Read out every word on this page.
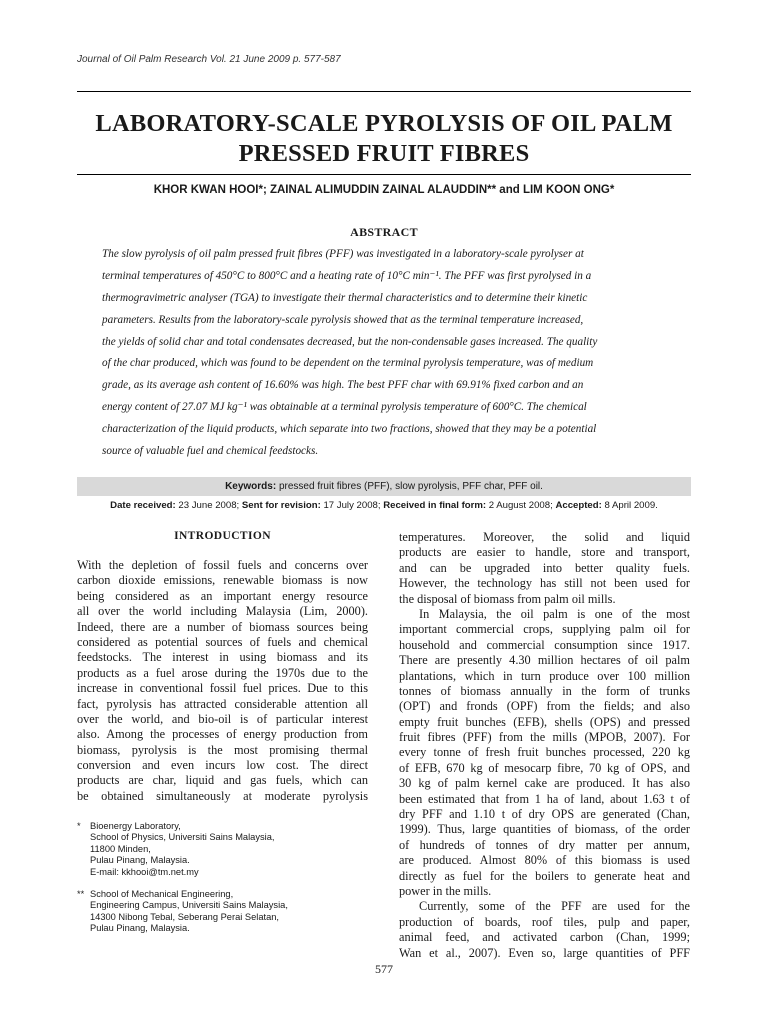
Journal of Oil Palm Research Vol. 21 June 2009 p. 577-587
LABORATORY-SCALE PYROLYSIS OF OIL PALM
PRESSED FRUIT FIBRES
KHOR KWAN HOOI*; ZAINAL ALIMUDDIN ZAINAL ALAUDDIN** and LIM KOON ONG*
ABSTRACT
The slow pyrolysis of oil palm pressed fruit fibres (PFF) was investigated in a laboratory-scale pyrolyser at
terminal temperatures of 450°C to 800°C and a heating rate of 10°C min⁻¹. The PFF was first pyrolysed in a
thermogravimetric analyser (TGA) to investigate their thermal characteristics and to determine their kinetic
parameters. Results from the laboratory-scale pyrolysis showed that as the terminal temperature increased,
the yields of solid char and total condensates decreased, but the non-condensable gases increased. The quality
of the char produced, which was found to be dependent on the terminal pyrolysis temperature, was of medium
grade, as its average ash content of 16.60% was high. The best PFF char with 69.91% fixed carbon and an
energy content of 27.07 MJ kg⁻¹ was obtainable at a terminal pyrolysis temperature of 600°C. The chemical
characterization of the liquid products, which separate into two fractions, showed that they may be a potential
source of valuable fuel and chemical feedstocks.
Keywords: pressed fruit fibres (PFF), slow pyrolysis, PFF char, PFF oil.
Date received: 23 June 2008; Sent for revision: 17 July 2008; Received in final form: 2 August 2008; Accepted: 8 April 2009.
INTRODUCTION
With the depletion of fossil fuels and concerns over
carbon dioxide emissions, renewable biomass is now
being considered as an important energy resource
all over the world including Malaysia (Lim, 2000).
Indeed, there are a number of biomass sources being
considered as potential sources of fuels and chemical
feedstocks. The interest in using biomass and its
products as a fuel arose during the 1970s due to the
increase in conventional fossil fuel prices. Due to this
fact, pyrolysis has attracted considerable attention all
over the world, and bio-oil is of particular interest
also. Among the processes of energy production from
biomass, pyrolysis is the most promising thermal
conversion and even incurs low cost. The direct
products are char, liquid and gas fuels, which can
be obtained simultaneously at moderate pyrolysis
temperatures. Moreover, the solid and liquid
products are easier to handle, store and transport,
and can be upgraded into better quality fuels.
However, the technology has still not been used for
the disposal of biomass from palm oil mills.
In Malaysia, the oil palm is one of the most
important commercial crops, supplying palm oil for
household and commercial consumption since 1917.
There are presently 4.30 million hectares of oil palm
plantations, which in turn produce over 100 million
tonnes of biomass annually in the form of trunks
(OPT) and fronds (OPF) from the fields; and also
empty fruit bunches (EFB), shells (OPS) and pressed
fruit fibres (PFF) from the mills (MPOB, 2007). For
every tonne of fresh fruit bunches processed, 220 kg
of EFB, 670 kg of mesocarp fibre, 70 kg of OPS, and
30 kg of palm kernel cake are produced. It has also
been estimated that from 1 ha of land, about 1.63 t of
dry PFF and 1.10 t of dry OPS are generated (Chan,
1999). Thus, large quantities of biomass, of the order
of hundreds of tonnes of dry matter per annum,
are produced. Almost 80% of this biomass is used
directly as fuel for the boilers to generate heat and
power in the mills.
Currently, some of the PFF are used for the
production of boards, roof tiles, pulp and paper,
animal feed, and activated carbon (Chan, 1999;
Wan et al., 2007). Even so, large quantities of PFF
* Bioenergy Laboratory,
School of Physics, Universiti Sains Malaysia,
11800 Minden,
Pulau Pinang, Malaysia.
E-mail: kkhooi@tm.net.my
** School of Mechanical Engineering,
Engineering Campus, Universiti Sains Malaysia,
14300 Nibong Tebal, Seberang Perai Selatan,
Pulau Pinang, Malaysia.
577
